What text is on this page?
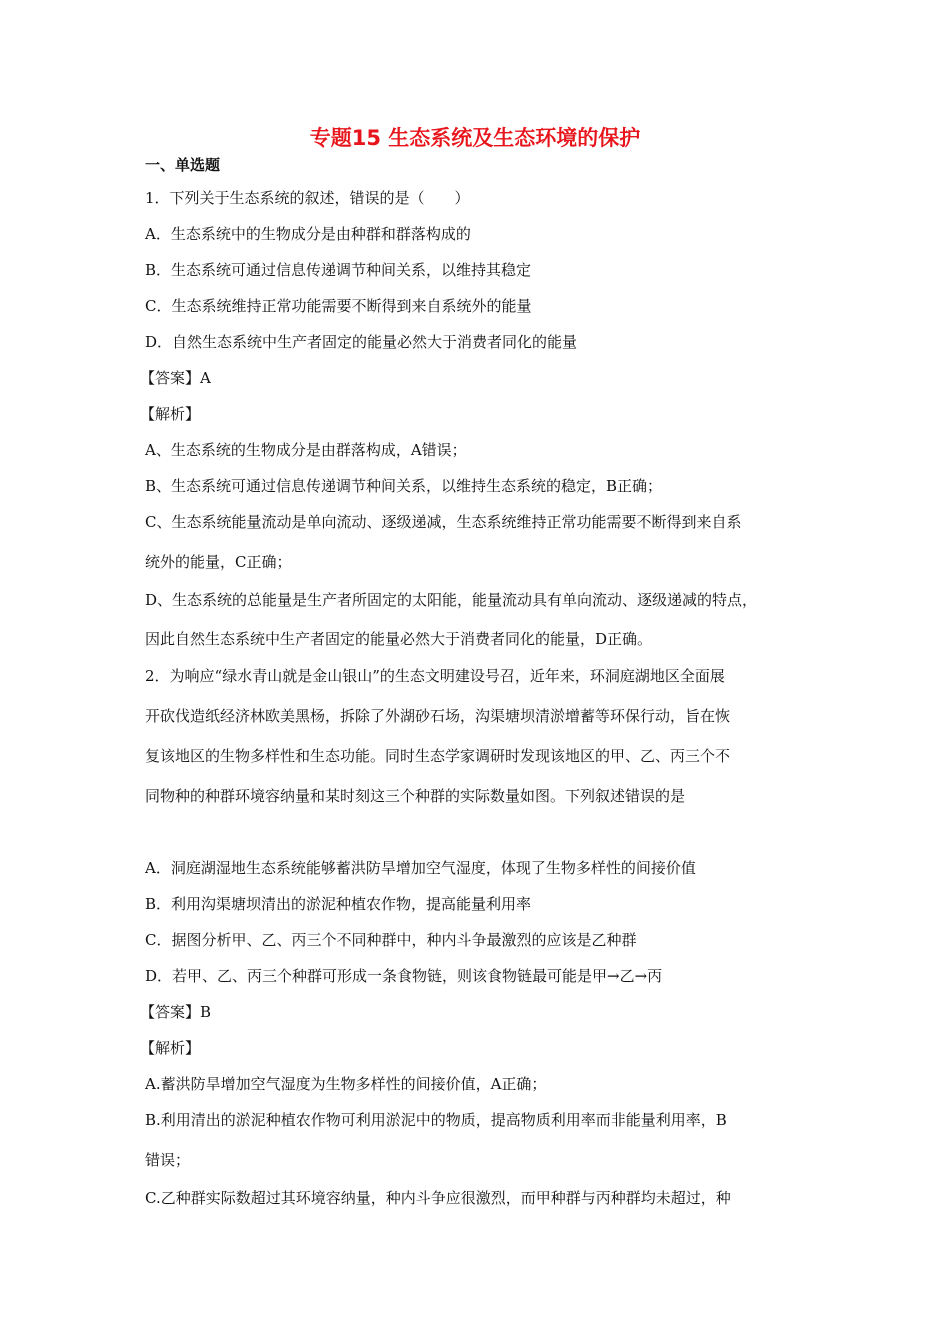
专题15 生态系统及生态环境的保护
一、单选题
1．下列关于生态系统的叙述，错误的是（　　）
A．生态系统中的生物成分是由种群和群落构成的
B．生态系统可通过信息传递调节种间关系，以维持其稳定
C．生态系统维持正常功能需要不断得到来自系统外的能量
D．自然生态系统中生产者固定的能量必然大于消费者同化的能量
【答案】A
【解析】
A、生态系统的生物成分是由群落构成，A错误；
B、生态系统可通过信息传递调节种间关系，以维持生态系统的稳定，B正确；
C、生态系统能量流动是单向流动、逐级递减，生态系统维持正常功能需要不断得到来自系
统外的能量，C正确；
D、生态系统的总能量是生产者所固定的太阳能，能量流动具有单向流动、逐级递减的特点，
因此自然生态系统中生产者固定的能量必然大于消费者同化的能量，D正确。
2．为响应“绿水青山就是金山银山”的生态文明建设号召，近年来，环洞庭湖地区全面展
开砍伐造纸经济林欧美黑杨，拆除了外湖砂石场，沟渠塘坝清淤增蓄等环保行动，旨在恢
复该地区的生物多样性和生态功能。同时生态学家调研时发现该地区的甲、乙、丙三个不
同物种的种群环境容纳量和某时刻这三个种群的实际数量如图。下列叙述错误的是
A．洞庭湖湿地生态系统能够蓄洪防旱增加空气湿度，体现了生物多样性的间接价值
B．利用沟渠塘坝清出的淤泥种植农作物，提高能量利用率
C．据图分析甲、乙、丙三个不同种群中，种内斗争最激烈的应该是乙种群
D．若甲、乙、丙三个种群可形成一条食物链，则该食物链最可能是甲→乙→丙
【答案】B
【解析】
A.蓄洪防旱增加空气湿度为生物多样性的间接价值，A正确；
B.利用清出的淤泥种植农作物可利用淤泥中的物质，提高物质利用率而非能量利用率，B
错误；
C.乙种群实际数超过其环境容纳量，种内斗争应很激烈，而甲种群与丙种群均未超过，种
